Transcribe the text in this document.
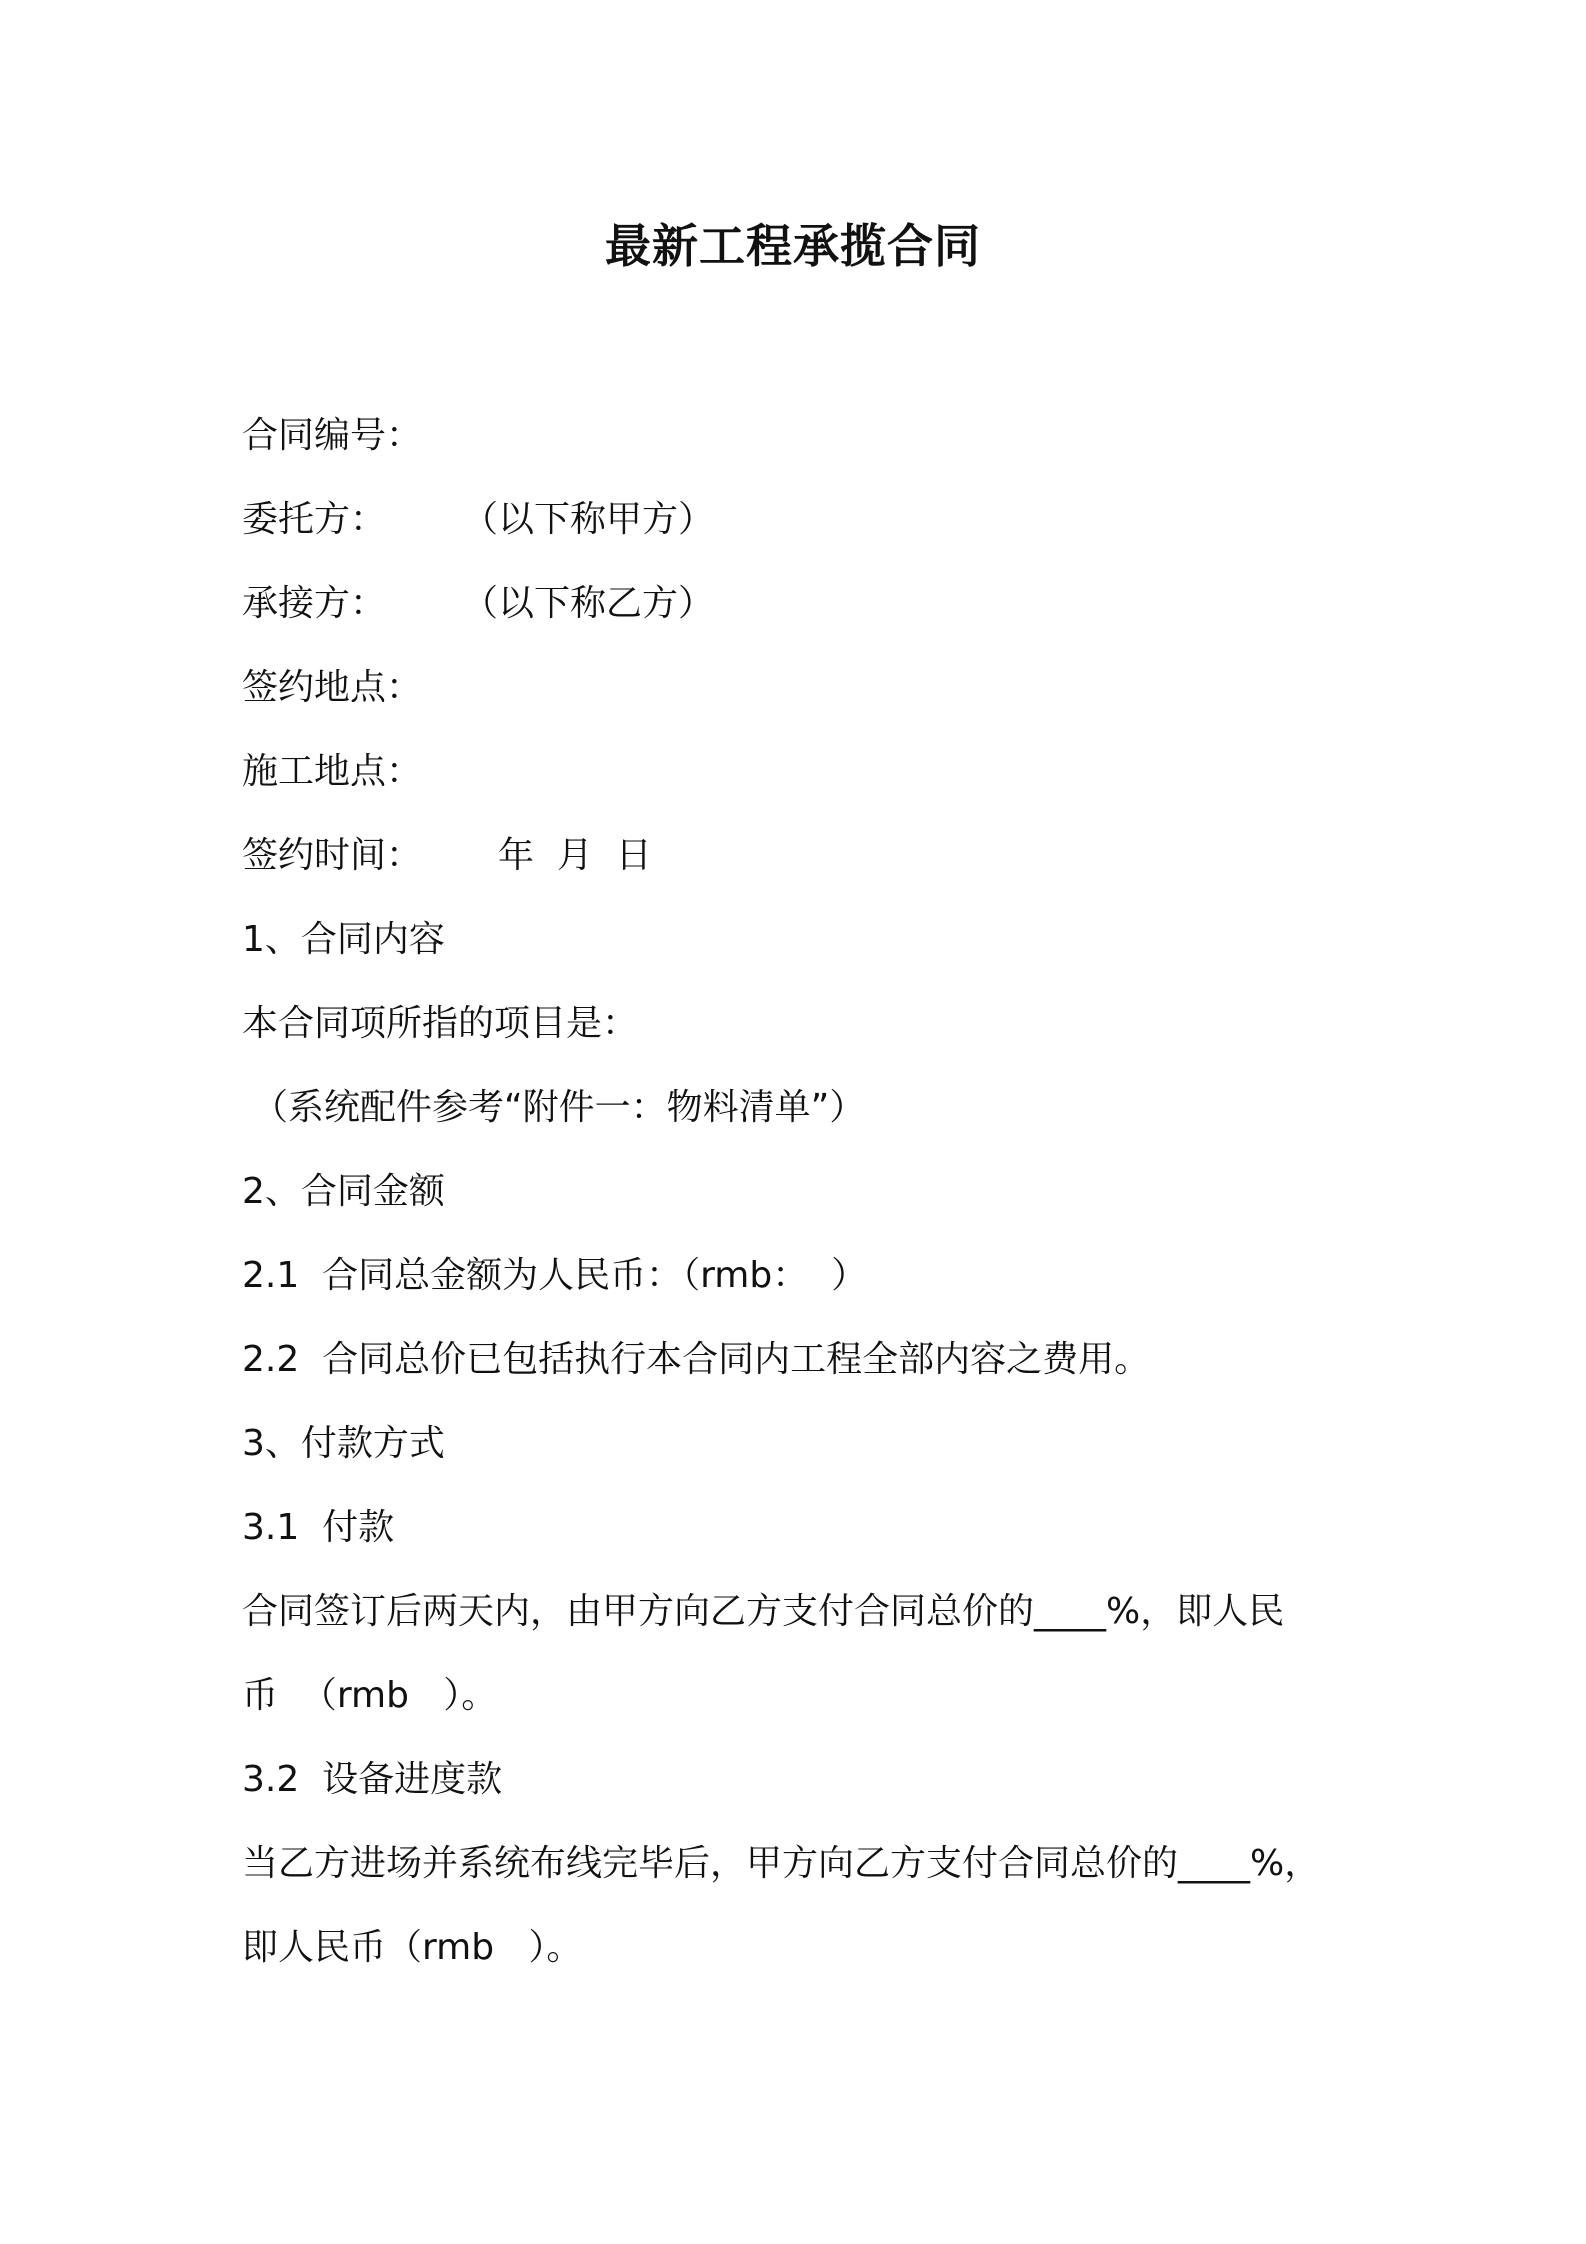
最新工程承揽合同
合同编号：
委托方： （以下称甲方）
承接方： （以下称乙方）
签约地点：
施工地点：
签约时间： 年  月  日
1、合同内容
本合同项所指的项目是：
（系统配件参考“附件一：物料清单”）
2、合同金额
2.1  合同总金额为人民币：（rmb：  ）
2.2  合同总价已包括执行本合同内工程全部内容之费用。
3、付款方式
3.1  付款
合同签订后两天内，由甲方向乙方支付合同总价的____%，即人民
币  （rmb   ）。
3.2  设备进度款
当乙方进场并系统布线完毕后，甲方向乙方支付合同总价的____%，
即人民币（rmb   ）。
